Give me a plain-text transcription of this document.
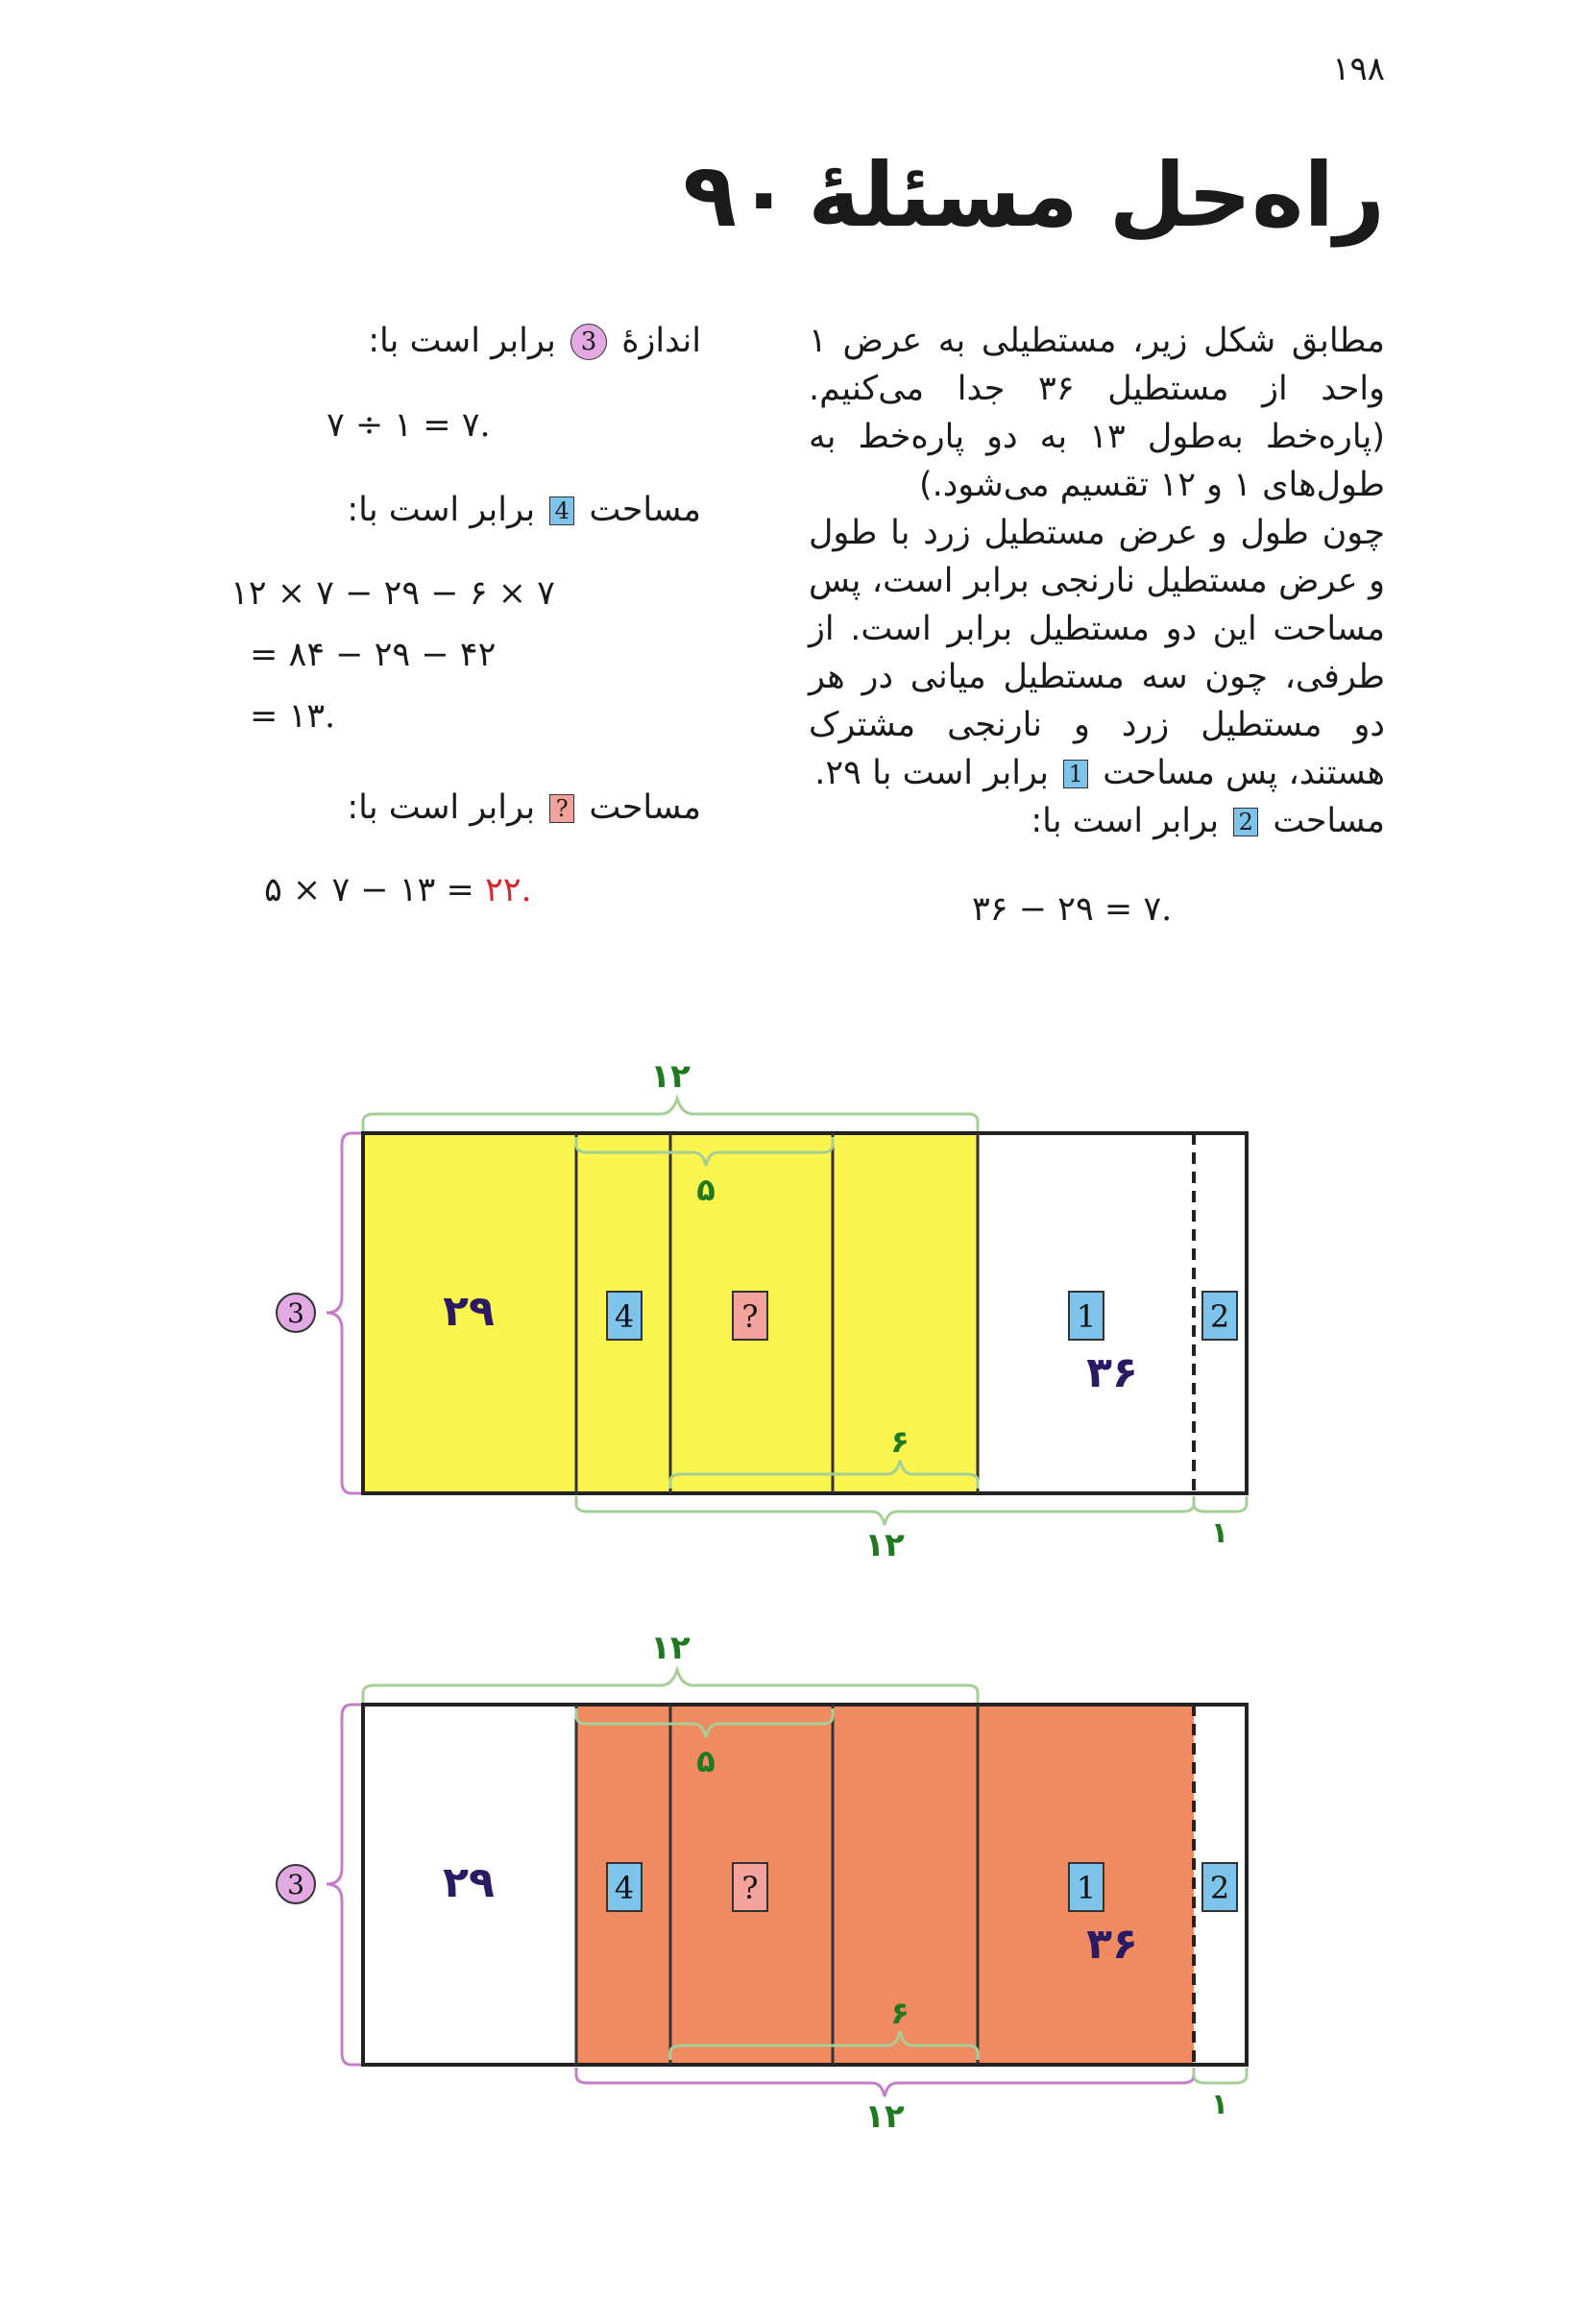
۱۹۸
راه‌حل مسئلهٔ۹۰

مطابق شکل زیر، مستطیلی به عرض ۱ واحد از مستطیل ۳۶ جدا می‌کنیم. (پاره‌خط به‌طول ۱۳ به دو پاره‌خط به طول‌های ۱ و ۱۲ تقسیم می‌شود.)

چون طول و عرض مستطیل زرد با طول و عرض مستطیل نارنجی برابر است، پس مساحت این دو مستطیل برابر است. از طرفی، چون سه مستطیل میانی در هر دو مستطیل زرد و نارنجی مشترک هستند، پس مساحت 1 برابر است با ۲۹.

مساحت 2 برابر است با:

۳۶ − ۲۹ = ۷.

اندازهٔ 3 برابر است با:

۷ ÷ ۱ = ۷.

مساحت 4 برابر است با:

۱۲ × ۷ − ۲۹ − ۶ × ۷
= ۸۴ − ۲۹ − ۴۲
= ۱۳.

مساحت ? برابر است با:

۵ × ۷ − ۱۳ = ۲۲.
۱۲
۵
3	۲۹	4	?	1
۳۶
2
۶
۱۲	۱
۱۲
۵
3	۲۹	4	?	1
۳۶
2
۶
۱۲	۱
